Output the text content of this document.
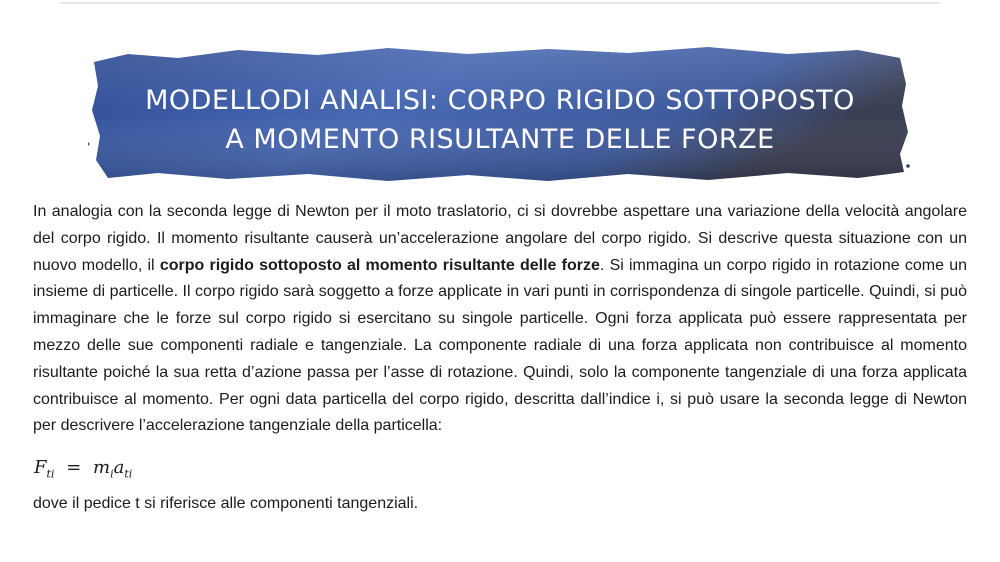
MODELLODI ANALISI: CORPO RIGIDO SOTTOPOSTO
A MOMENTO RISULTANTE DELLE FORZE
In analogia con la seconda legge di Newton per il moto traslatorio, ci si dovrebbe aspettare una variazione della velocità angolare del corpo rigido. Il momento risultante causerà un’accelerazione angolare del corpo rigido. Si descrive questa situazione con un nuovo modello, il corpo rigido sottoposto al momento risultante delle forze. Si immagina un corpo rigido in rotazione come un insieme di particelle. Il corpo rigido sarà soggetto a forze applicate in vari punti in corrispondenza di singole particelle. Quindi, si può immaginare che le forze sul corpo rigido si esercitano su singole particelle. Ogni forza applicata può essere rappresentata per mezzo delle sue componenti radiale e tangenziale. La componente radiale di una forza applicata non contribuisce al momento risultante poiché la sua retta d’azione passa per l’asse di rotazione. Quindi, solo la componente tangenziale di una forza applicata contribuisce al momento. Per ogni data particella del corpo rigido, descritta dall’indice i, si può usare la seconda legge di Newton per descrivere l’accelerazione tangenziale della particella:
$F_{ti} = m_ia_{ti}$
dove il pedice t si riferisce alle componenti tangenziali.
